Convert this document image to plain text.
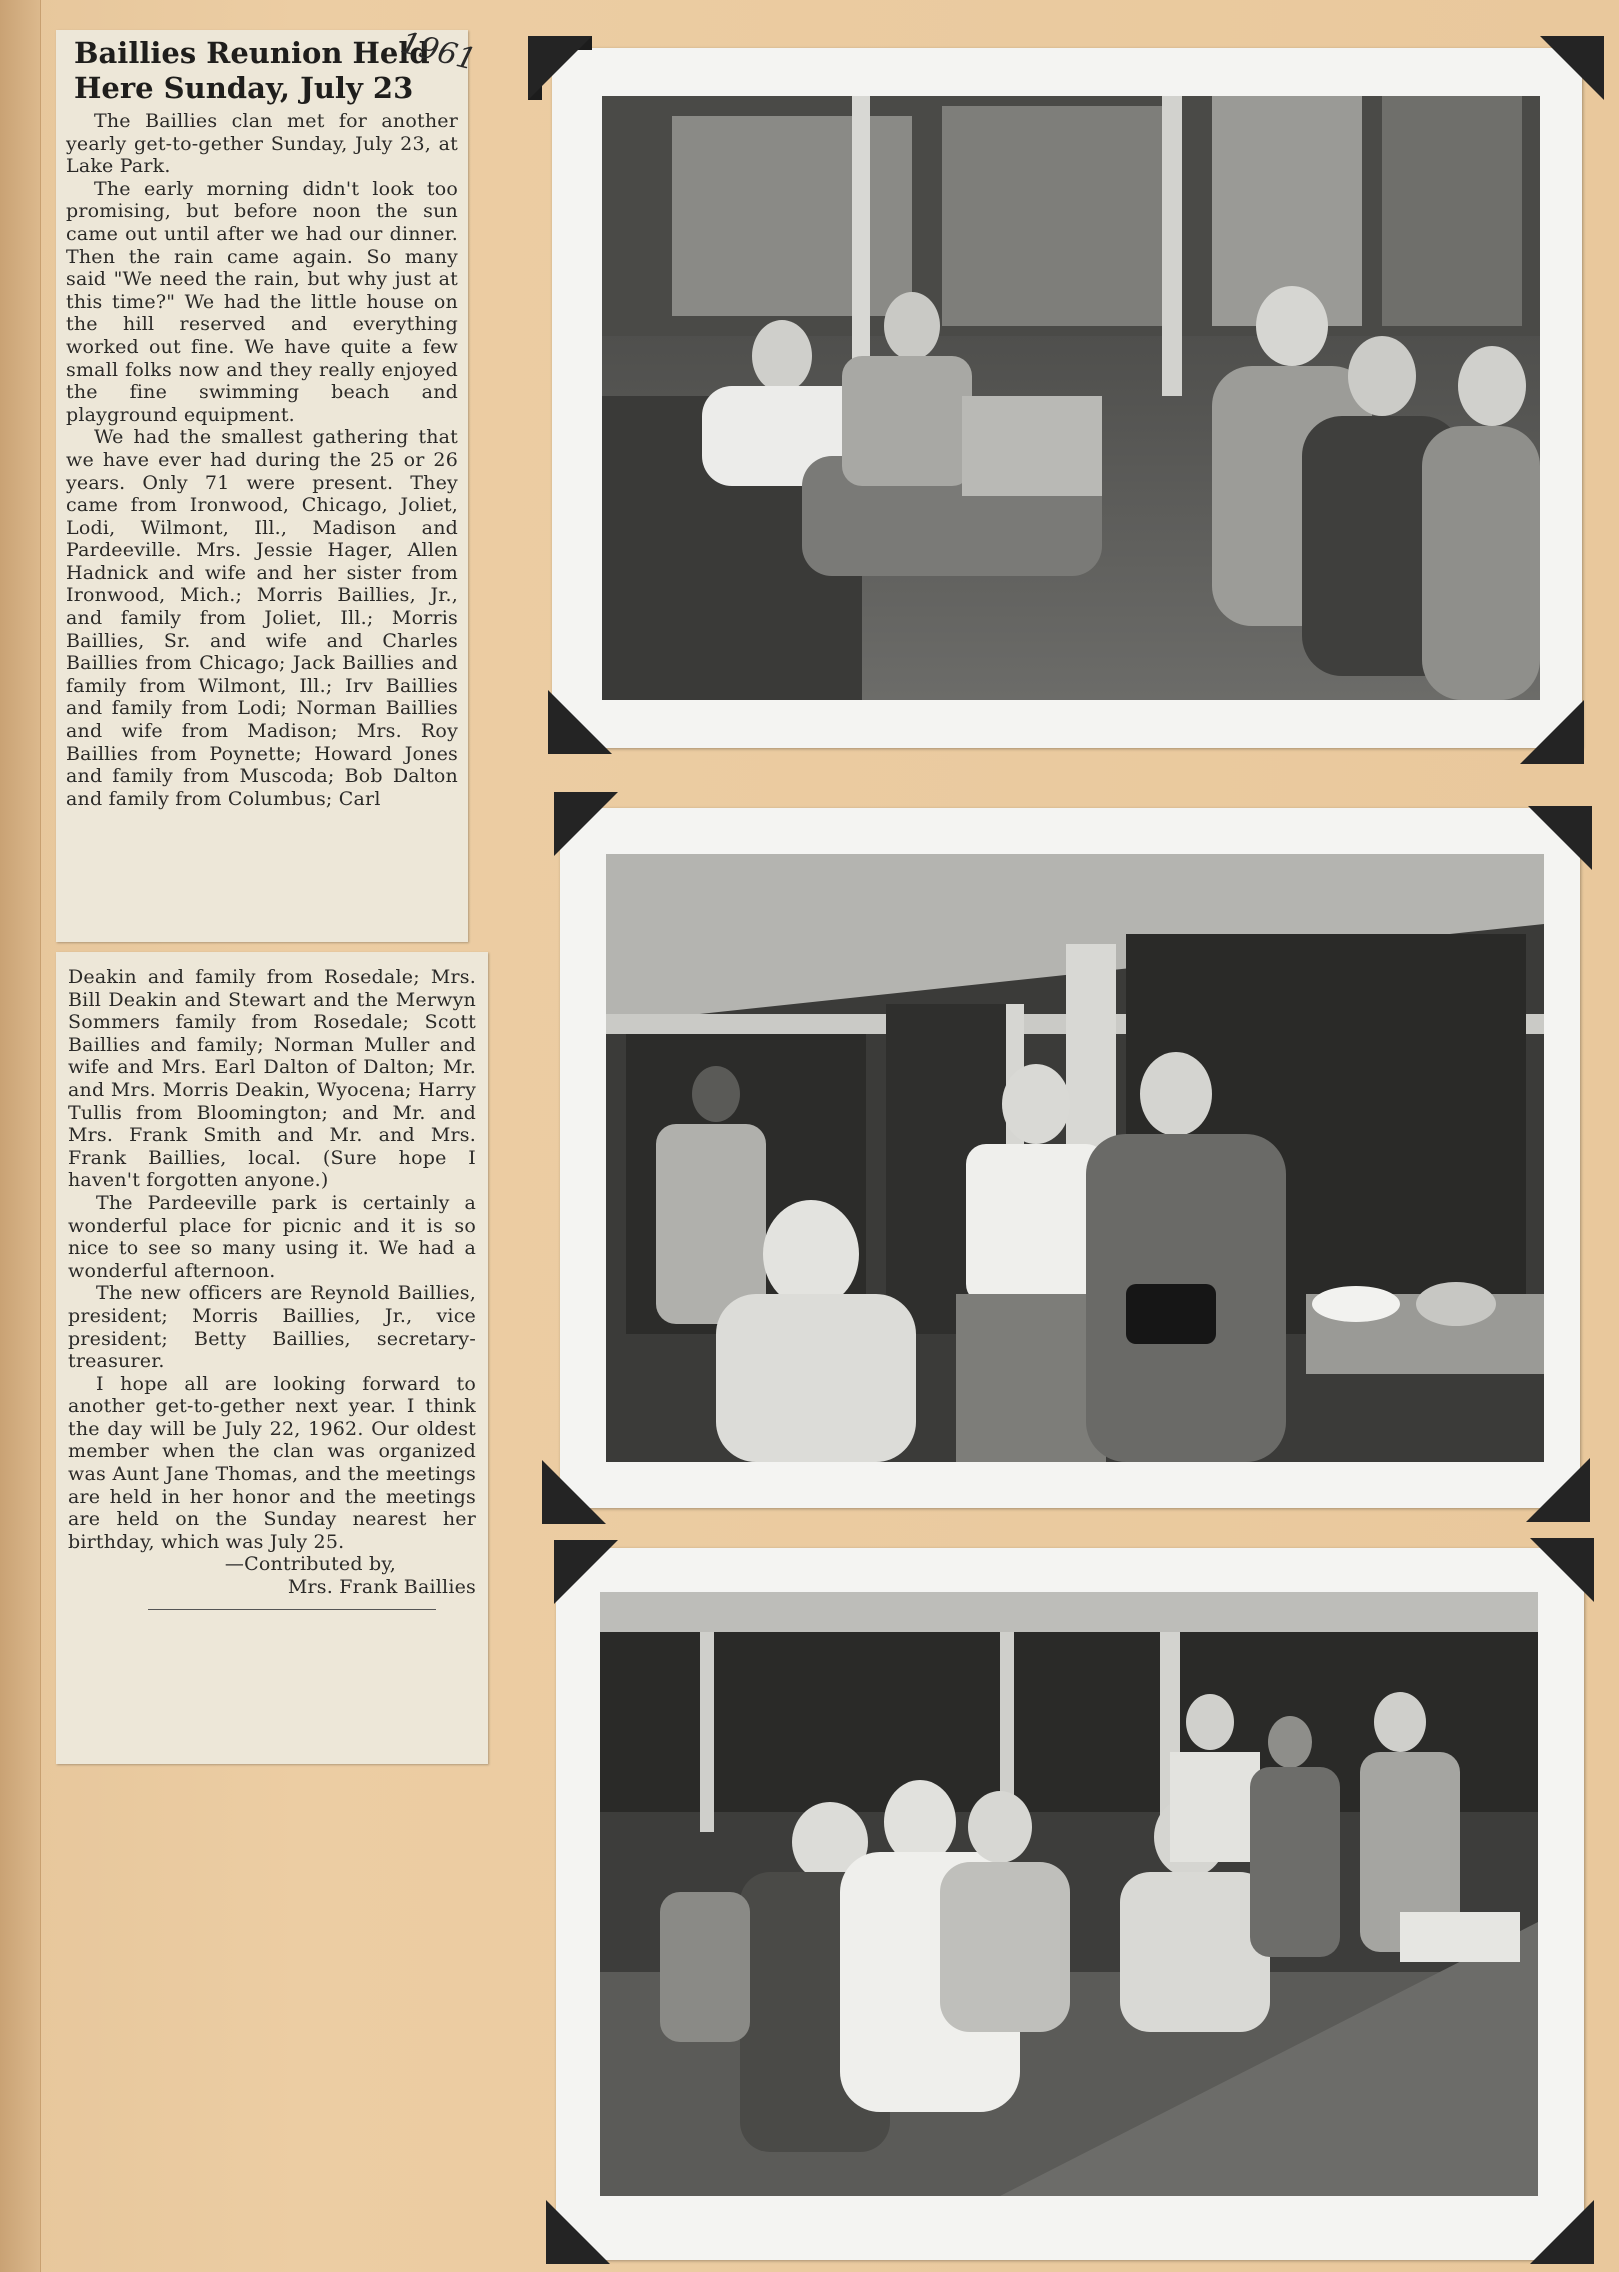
Baillies Reunion Held
Here Sunday, July 23

The Baillies clan met for another yearly get-to-gether Sunday, July 23, at Lake Park.

The early morning didn't look too promising, but before noon the sun came out until after we had our dinner. Then the rain came again. So many said "We need the rain, but why just at this time?" We had the little house on the hill reserved and everything worked out fine. We have quite a few small folks now and they really enjoyed the fine swimming beach and playground equipment.

We had the smallest gathering that we have ever had during the 25 or 26 years. Only 71 were present. They came from Ironwood, Chicago, Joliet, Lodi, Wilmont, Ill., Madison and Pardeeville. Mrs. Jessie Hager, Allen Hadnick and wife and her sister from Ironwood, Mich.; Morris Baillies, Jr., and family from Joliet, Ill.; Morris Baillies, Sr. and wife and Charles Baillies from Chicago; Jack Baillies and family from Wilmont, Ill.; Irv Baillies and family from Lodi; Norman Baillies and wife from Madison; Mrs. Roy Baillies from Poynette; Howard Jones and family from Muscoda; Bob Dalton and family from Columbus; Carl

1961

Deakin and family from Rosedale; Mrs. Bill Deakin and Stewart and the Merwyn Sommers family from Rosedale; Scott Baillies and family; Norman Muller and wife and Mrs. Earl Dalton of Dalton; Mr. and Mrs. Morris Deakin, Wyocena; Harry Tullis from Bloomington; and Mr. and Mrs. Frank Smith and Mr. and Mrs. Frank Baillies, local. (Sure hope I haven't forgotten anyone.)

The Pardeeville park is certainly a wonderful place for picnic and it is so nice to see so many using it. We had a wonderful afternoon.

The new officers are Reynold Baillies, president; Morris Baillies, Jr., vice president; Betty Baillies, secretary-treasurer.

I hope all are looking forward to another get-to-gether next year. I think the day will be July 22, 1962. Our oldest member when the clan was organized was Aunt Jane Thomas, and the meetings are held in her honor and the meetings are held on the Sunday nearest her birthday, which was July 25.

—Contributed by,
Mrs. Frank Baillies
